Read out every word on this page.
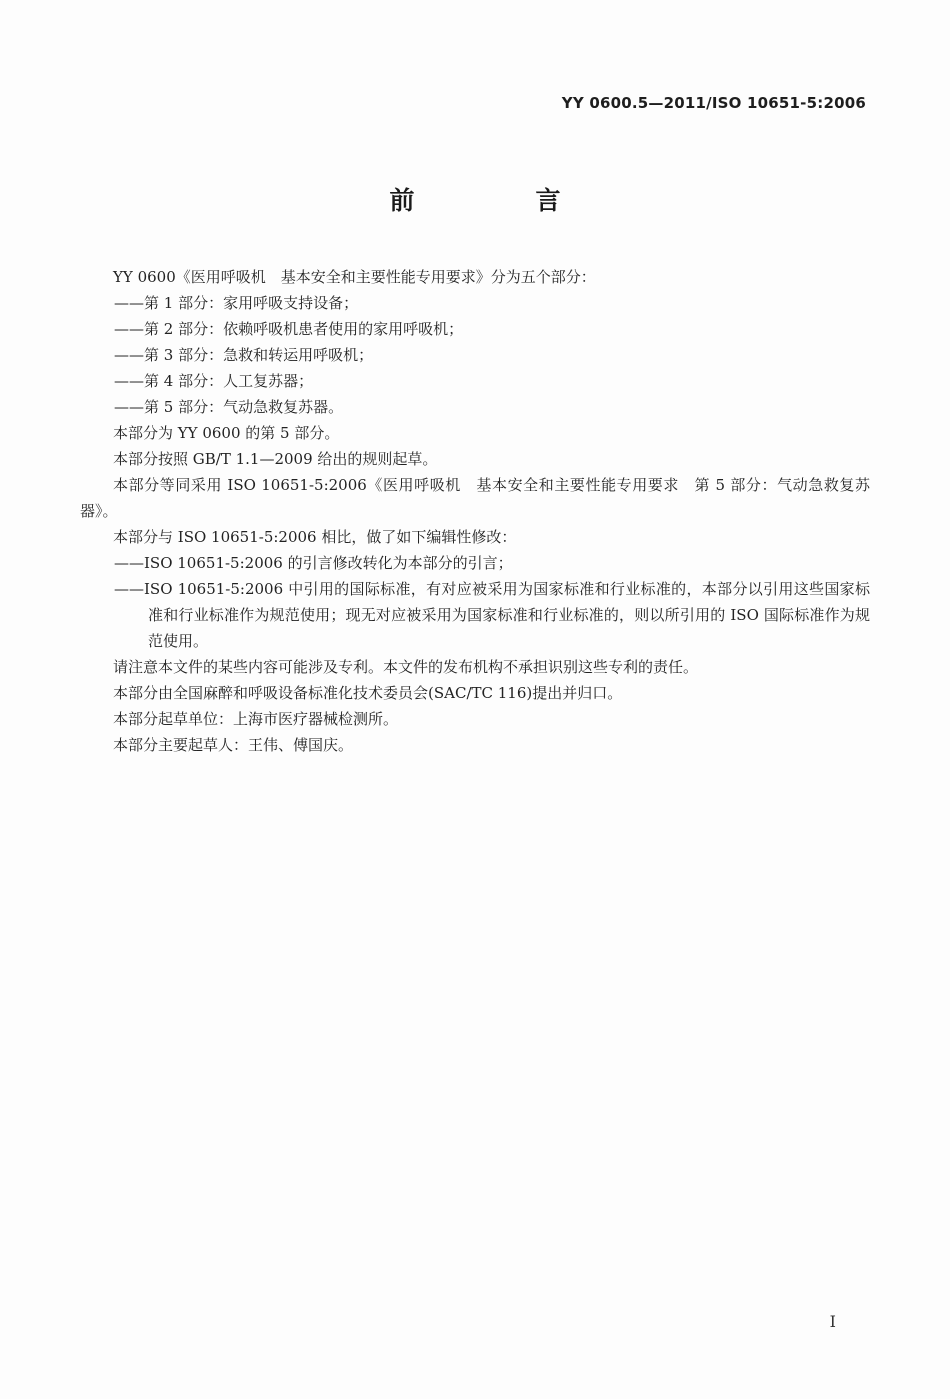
YY 0600.5—2011/ISO 10651-5:2006
前　言

YY 0600《医用呼吸机　基本安全和主要性能专用要求》分为五个部分：

——第 1 部分：家用呼吸支持设备；

——第 2 部分：依赖呼吸机患者使用的家用呼吸机；

——第 3 部分：急救和转运用呼吸机；

——第 4 部分：人工复苏器；

——第 5 部分：气动急救复苏器。

本部分为 YY 0600 的第 5 部分。

本部分按照 GB/T 1.1—2009 给出的规则起草。

本部分等同采用 ISO 10651-5:2006《医用呼吸机　基本安全和主要性能专用要求　第 5 部分：气动急救复苏器》。

本部分与 ISO 10651-5:2006 相比，做了如下编辑性修改：

——ISO 10651-5:2006 的引言修改转化为本部分的引言；

——ISO 10651-5:2006 中引用的国际标准，有对应被采用为国家标准和行业标准的，本部分以引用这些国家标准和行业标准作为规范使用；现无对应被采用为国家标准和行业标准的，则以所引用的 ISO 国际标准作为规范使用。

请注意本文件的某些内容可能涉及专利。本文件的发布机构不承担识别这些专利的责任。

本部分由全国麻醉和呼吸设备标准化技术委员会(SAC/TC 116)提出并归口。

本部分起草单位：上海市医疗器械检测所。

本部分主要起草人：王伟、傅国庆。

I
